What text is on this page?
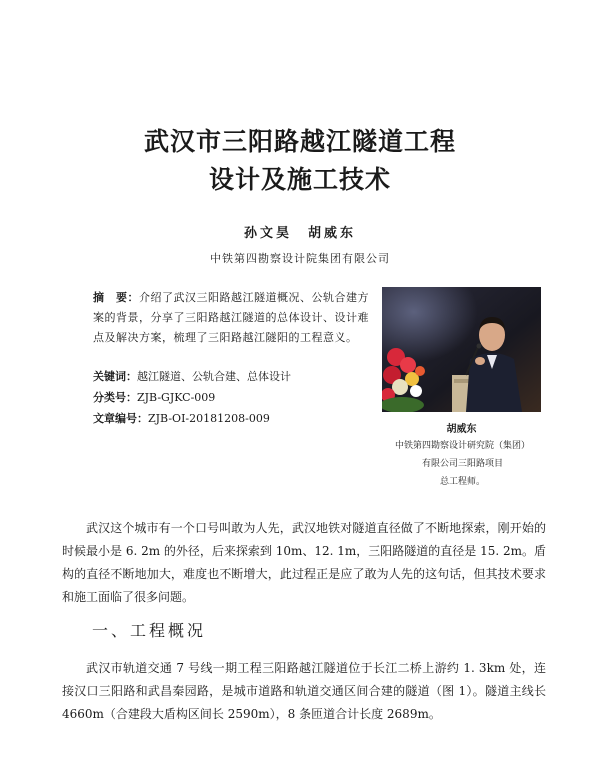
武汉市三阳路越江隧道工程
设计及施工技术
孙文昊　胡威东
中铁第四勘察设计院集团有限公司
摘　要：介绍了武汉三阳路越江隧道概况、公轨合建方案的背景，分享了三阳路越江隧道的总体设计、设计难点及解决方案，梳理了三阳路越江隧阳的工程意义。
关键词：越江隧道、公轨合建、总体设计
分类号：ZJB-GJKC-009
文章编号：ZJB-OI-20181208-009
胡威东
中铁第四勘察设计研究院（集团）
有限公司三阳路项目
总工程师。
武汉这个城市有一个口号叫敢为人先，武汉地铁对隧道直径做了不断地探索，刚开始的时候最小是 6. 2m 的外径，后来探索到 10m、12. 1m，三阳路隧道的直径是 15. 2m。盾构的直径不断地加大，难度也不断增大，此过程正是应了敢为人先的这句话，但其技术要求和施工面临了很多问题。
一、工程概况
武汉市轨道交通 7 号线一期工程三阳路越江隧道位于长江二桥上游约 1. 3km 处，连接汉口三阳路和武昌秦园路，是城市道路和轨道交通区间合建的隧道（图 1）。隧道主线长 4660m（合建段大盾构区间长 2590m），8 条匝道合计长度 2689m。
